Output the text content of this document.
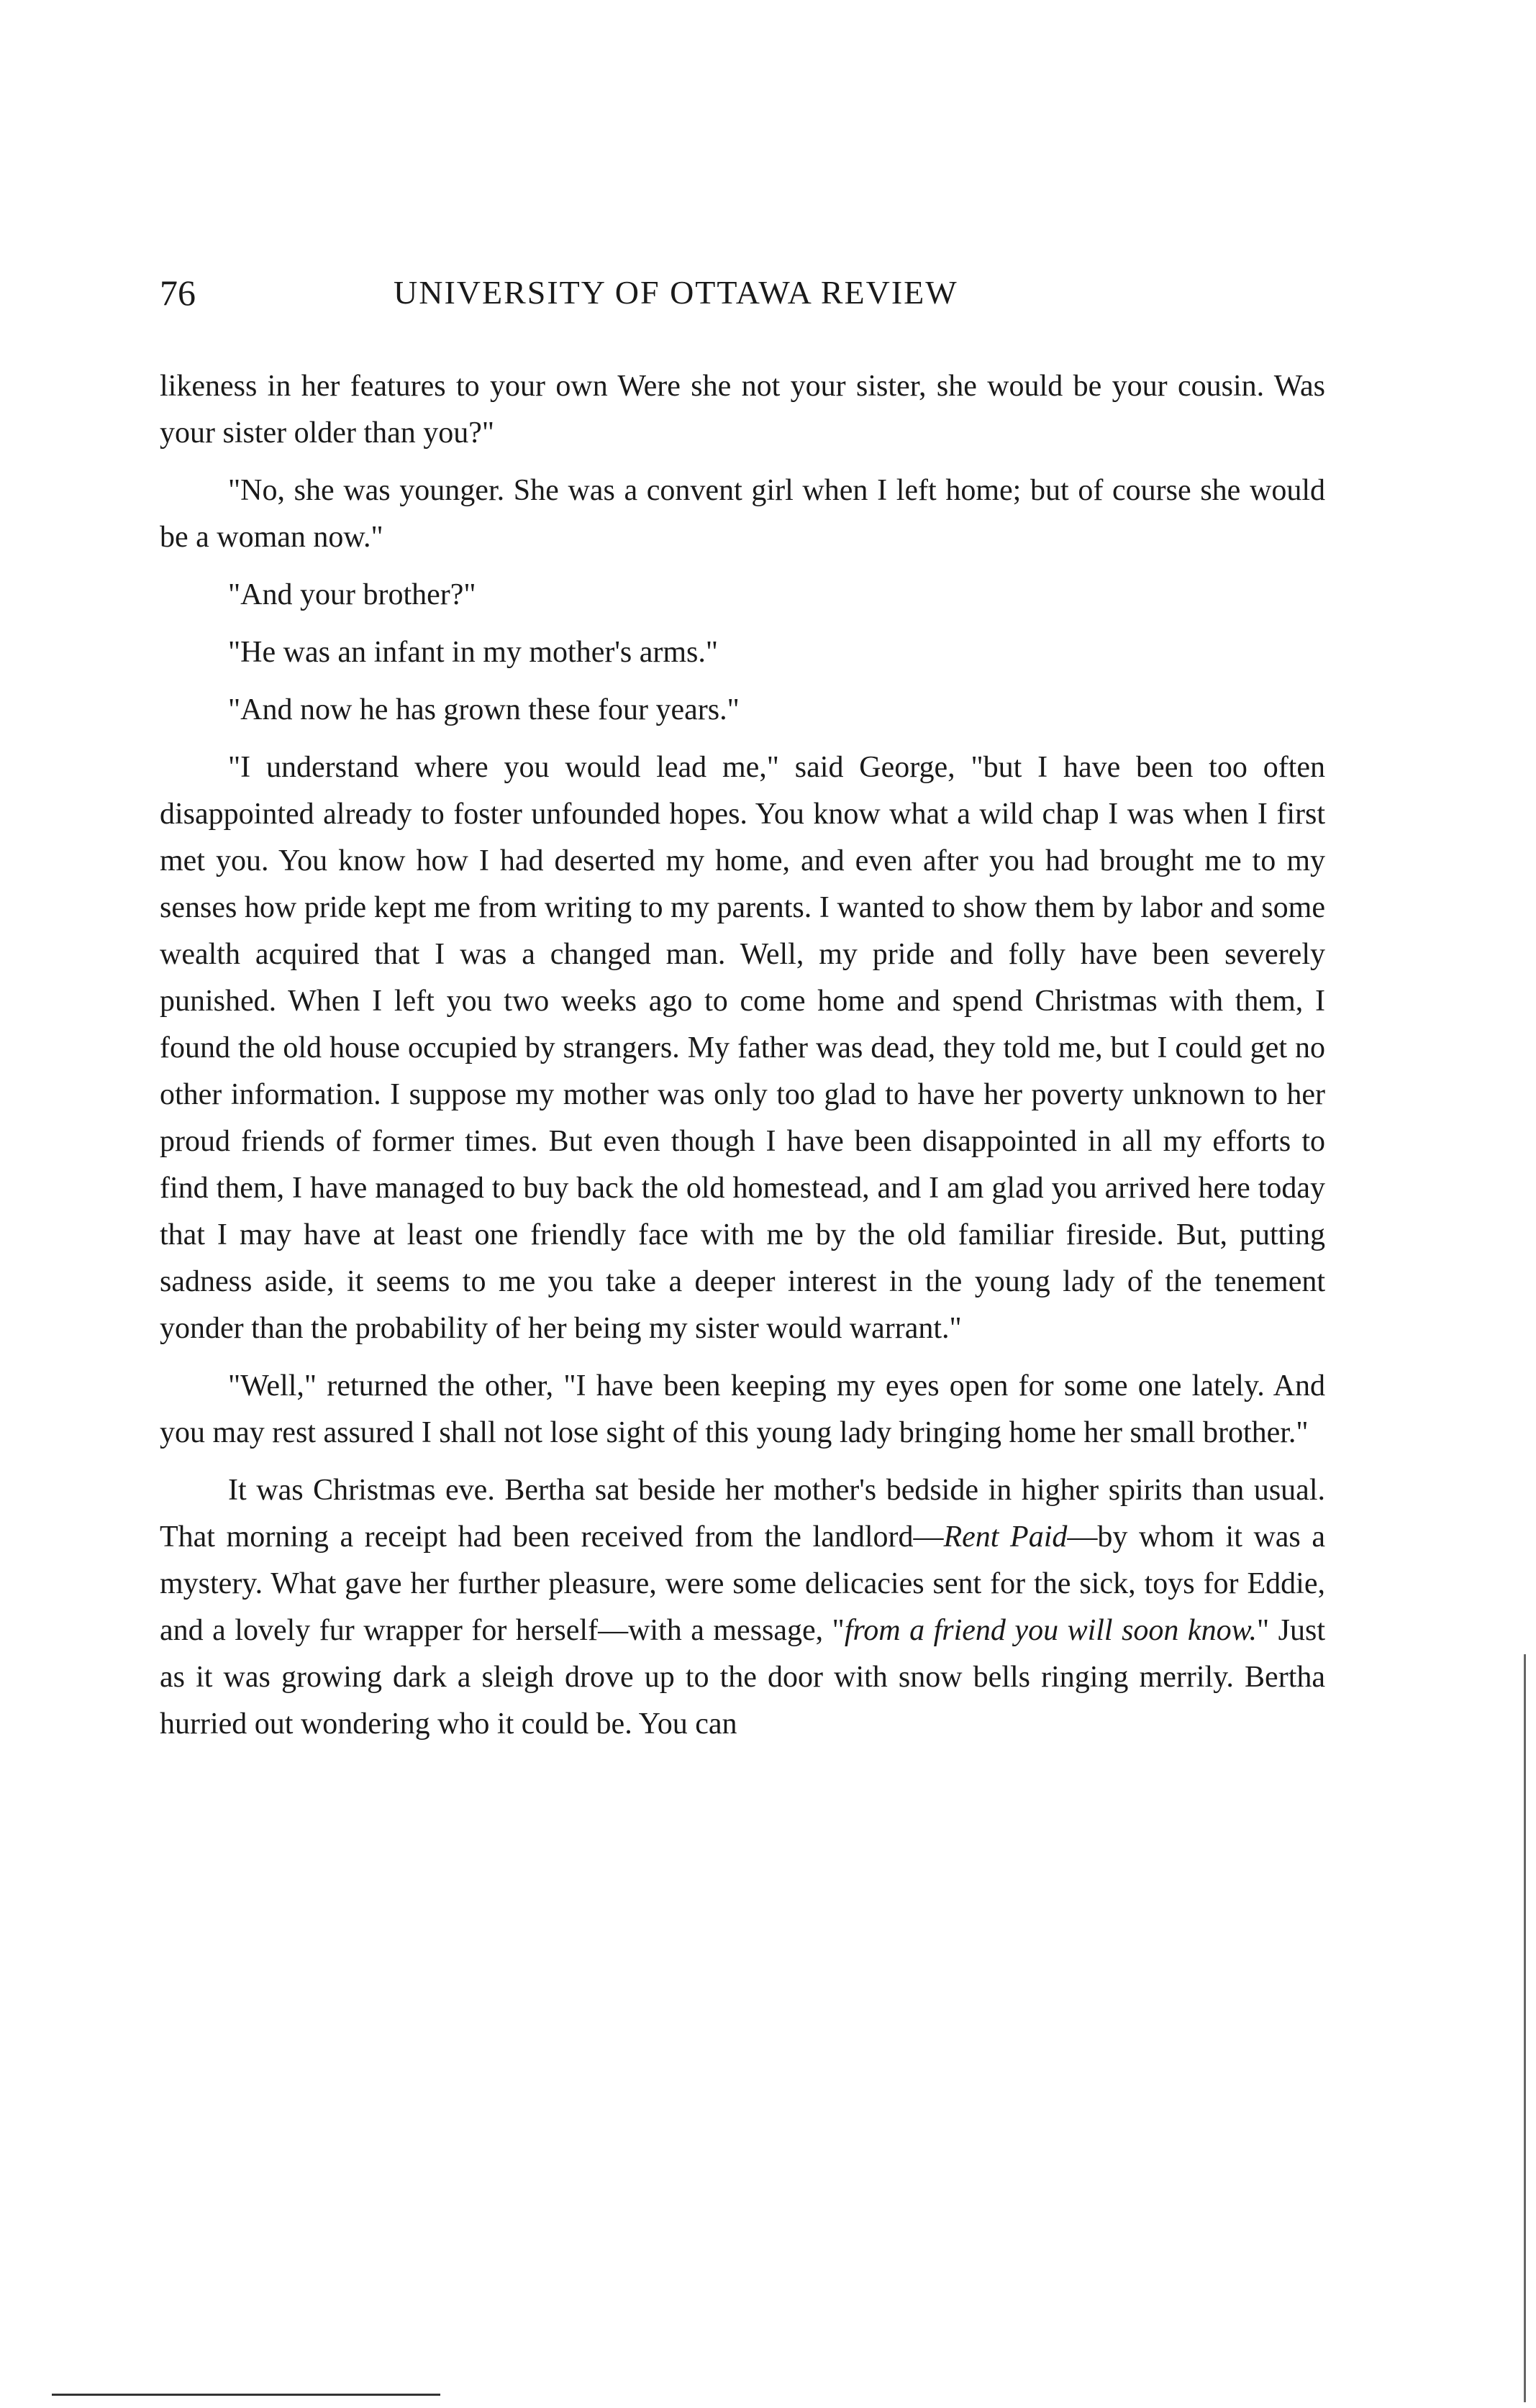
76	UNIVERSITY OF OTTAWA REVIEW

likeness in her features to your own Were she not your sister, she would be your cousin. Was your sister older than you?"

"No, she was younger. She was a convent girl when I left home; but of course she would be a woman now."

"And your brother?"

"He was an infant in my mother's arms."

"And now he has grown these four years."

"I understand where you would lead me," said George, "but I have been too often disappointed already to foster unfounded hopes. You know what a wild chap I was when I first met you. You know how I had deserted my home, and even after you had brought me to my senses how pride kept me from writing to my parents. I wanted to show them by labor and some wealth acquired that I was a changed man. Well, my pride and folly have been severely punished. When I left you two weeks ago to come home and spend Christmas with them, I found the old house occupied by strangers. My father was dead, they told me, but I could get no other information. I suppose my mother was only too glad to have her poverty unknown to her proud friends of former times. But even though I have been disappointed in all my efforts to find them, I have managed to buy back the old homestead, and I am glad you arrived here today that I may have at least one friendly face with me by the old familiar fireside. But, putting sadness aside, it seems to me you take a deeper interest in the young lady of the tenement yonder than the probability of her being my sister would warrant."

"Well," returned the other, "I have been keeping my eyes open for some one lately. And you may rest assured I shall not lose sight of this young lady bringing home her small brother."

It was Christmas eve. Bertha sat beside her mother's bedside in higher spirits than usual. That morning a receipt had been received from the landlord—Rent Paid—by whom it was a mystery. What gave her further pleasure, were some delicacies sent for the sick, toys for Eddie, and a lovely fur wrapper for herself—with a message, "from a friend you will soon know." Just as it was growing dark a sleigh drove up to the door with snow bells ringing merrily. Bertha hurried out wondering who it could be. You can
